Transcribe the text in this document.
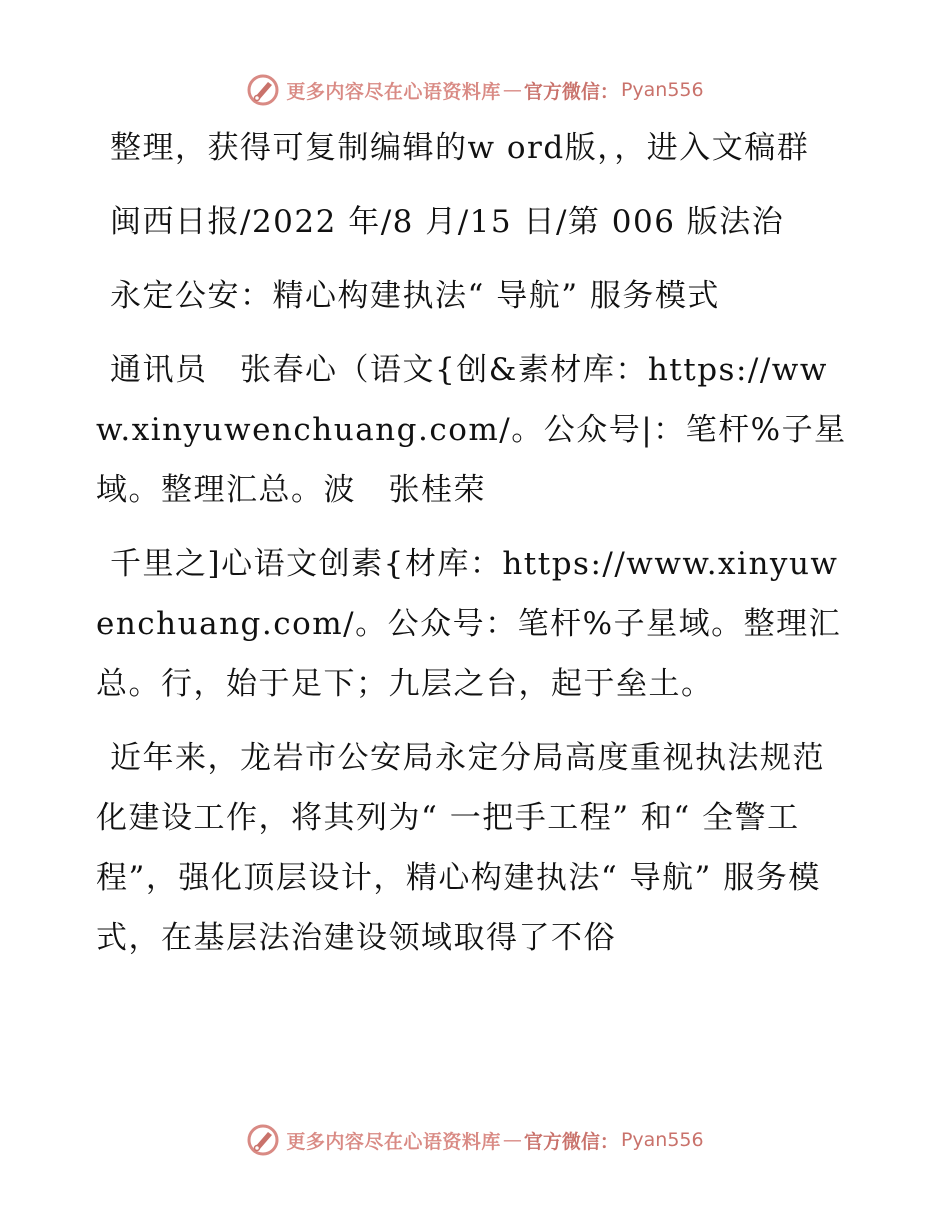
更多内容尽在心语资料库 — 官方微信： Pyan556

整理，获得可复制编辑的w ord版，，进入文稿群

闽西日报/2022 年/8 月/15 日/第 006 版法治

永定公安：精心构建执法“ 导航” 服务模式

通讯员　张春心（语文{创&素材库：https://www.xinyuwenchuang.com/。公众号|：笔杆%子星域。整理汇总。波　张桂荣

千里之]心语文创素{材库：https://www.xinyuwenchuang.com/。公众号：笔杆%子星域。整理汇总。行，始于足下；九层之台，起于垒土。

近年来，龙岩市公安局永定分局高度重视执法规范化建设工作，将其列为“ 一把手工程” 和“ 全警工程”，强化顶层设计，精心构建执法“ 导航” 服务模式，在基层法治建设领域取得了不俗

更多内容尽在心语资料库 — 官方微信： Pyan556
